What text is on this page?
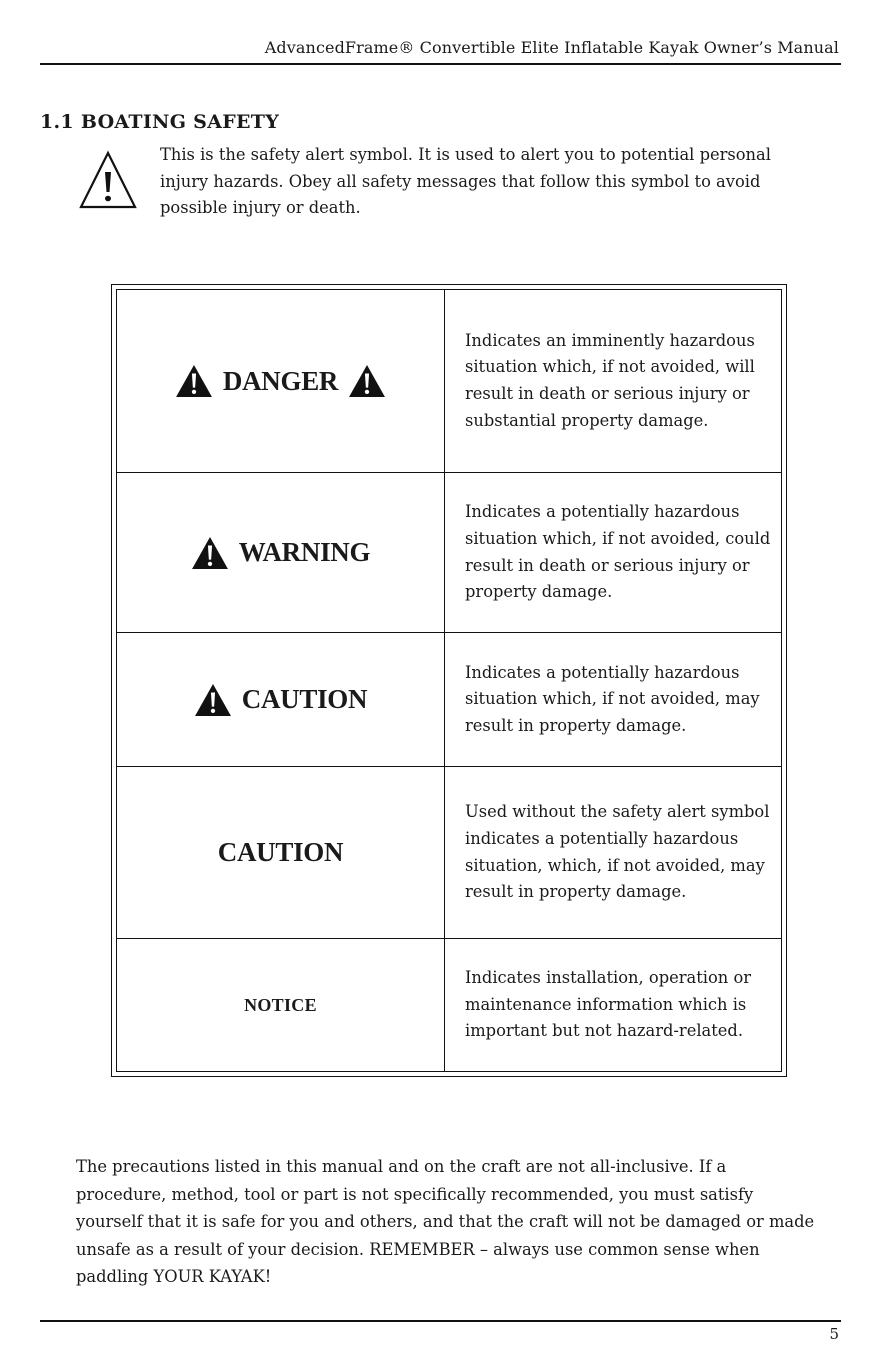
AdvancedFrame® Convertible Elite Inflatable Kayak Owner’s Manual
1.1 BOATING SAFETY
This is the safety alert symbol. It is used to alert you to potential personal injury hazards. Obey all safety messages that follow this symbol to avoid possible injury or death.
DANGER
Indicates an imminently hazardous situation which, if not avoided, will result in death or serious injury or substantial property damage.
WARNING
Indicates a potentially hazardous situation which, if not avoided, could result in death or serious injury or property damage.
CAUTION
Indicates a potentially hazardous situation which, if not avoided, may result in property damage.
CAUTION
Used without the safety alert symbol indicates a potentially hazardous situation, which, if not avoided, may result in property damage.
NOTICE
Indicates installation, operation or maintenance information which is important but not hazard-related.
The precautions listed in this manual and on the craft are not all-inclusive. If a procedure, method, tool or part is not specifically recommended, you must satisfy yourself that it is safe for you and others, and that the craft will not be damaged or made unsafe as a result of your decision. REMEMBER – always use common sense when paddling YOUR KAYAK!
5
